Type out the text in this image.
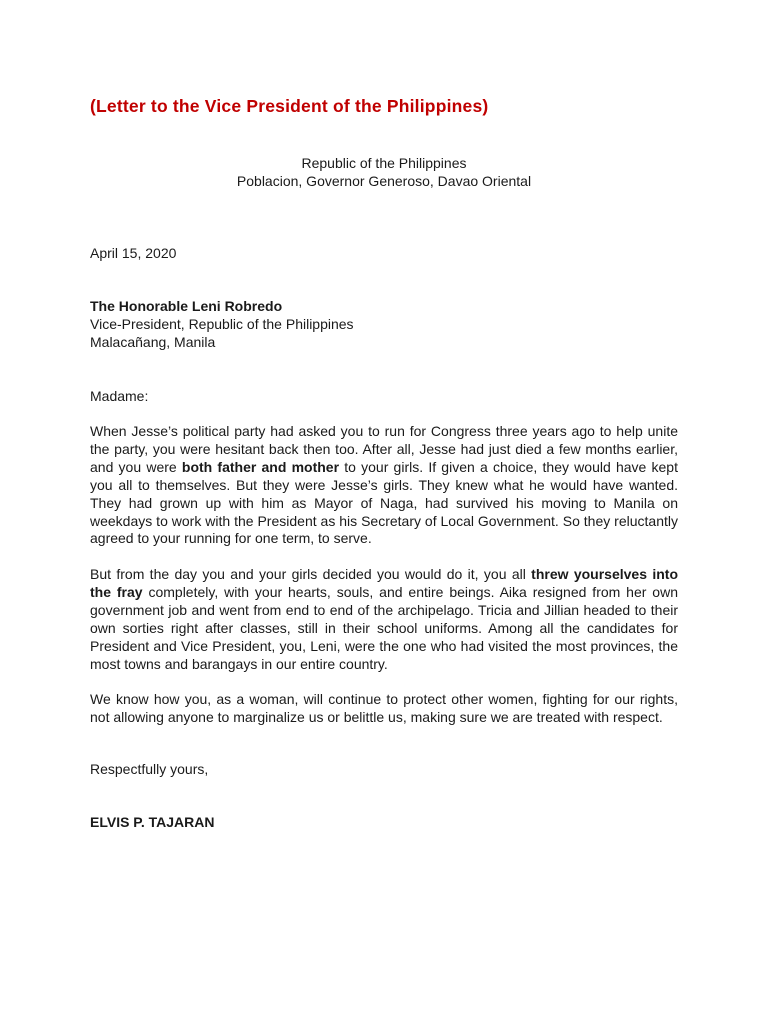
(Letter to the Vice President of the Philippines)
Republic of the Philippines
Poblacion, Governor Generoso, Davao Oriental
April 15, 2020
The Honorable Leni Robredo
Vice-President, Republic of the Philippines
Malacañang, Manila
Madame:

When Jesse’s political party had asked you to run for Congress three years ago to help unite the party, you were hesitant back then too. After all, Jesse had just died a few months earlier, and you were both father and mother to your girls. If given a choice, they would have kept you all to themselves. But they were Jesse’s girls. They knew what he would have wanted. They had grown up with him as Mayor of Naga, had survived his moving to Manila on weekdays to work with the President as his Secretary of Local Government. So they reluctantly agreed to your running for one term, to serve.

But from the day you and your girls decided you would do it, you all threw yourselves into the fray completely, with your hearts, souls, and entire beings. Aika resigned from her own government job and went from end to end of the archipelago. Tricia and Jillian headed to their own sorties right after classes, still in their school uniforms. Among all the candidates for President and Vice President, you, Leni, were the one who had visited the most provinces, the most towns and barangays in our entire country.

We know how you, as a woman, will continue to protect other women, fighting for our rights, not allowing anyone to marginalize us or belittle us, making sure we are treated with respect.

Respectfully yours,
ELVIS P. TAJARAN
